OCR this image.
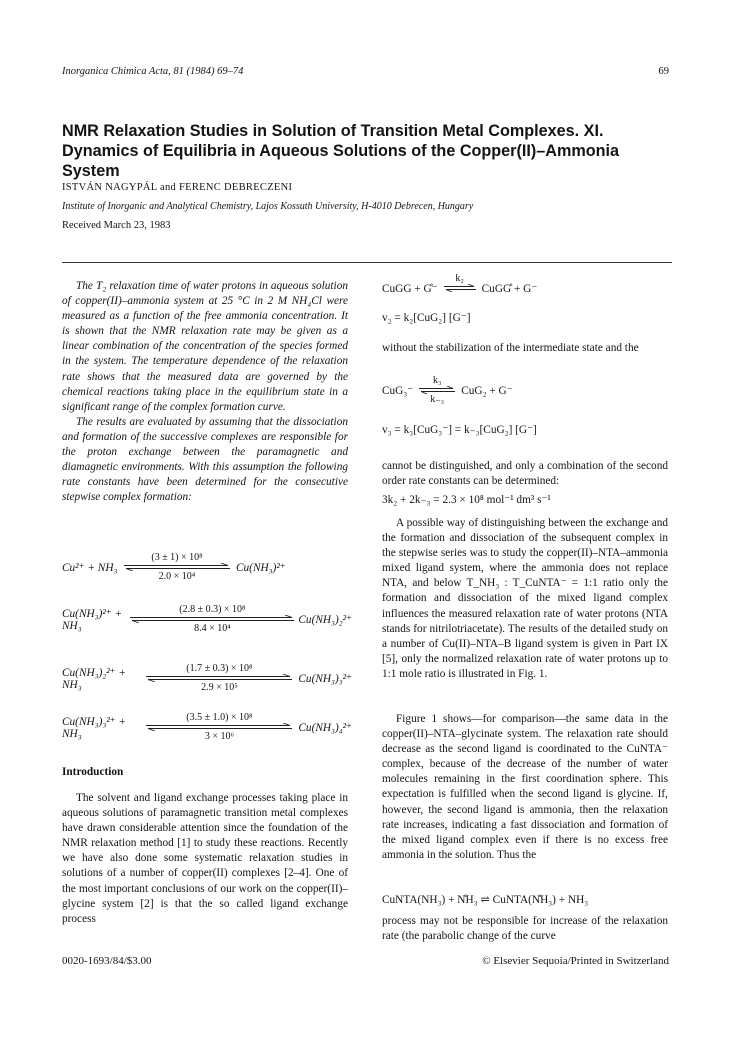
Inorganica Chimica Acta, 81 (1984) 69–74	69
NMR Relaxation Studies in Solution of Transition Metal Complexes. XI. Dynamics of Equilibria in Aqueous Solutions of the Copper(II)–Ammonia System
ISTVÁN NAGYPÁL and FERENC DEBRECZENI
Institute of Inorganic and Analytical Chemistry, Lajos Kossuth University, H-4010 Debrecen, Hungary
Received March 23, 1983

The T₂ relaxation time of water protons in aqueous solution of copper(II)–ammonia system at 25 °C in 2 M NH₄Cl were measured as a function of the free ammonia concentration. It is shown that the NMR relaxation rate may be given as a linear combination of the concentration of the species formed in the system. The temperature dependence of the relaxation rate shows that the measured data are governed by the chemical reactions taking place in the equilibrium state in a significant range of the complex formation curve.

The results are evaluated by assuming that the dissociation and formation of the successive complexes are responsible for the proton exchange between the paramagnetic and diamagnetic environments. With this assumption the following rate constants have been determined for the consecutive stepwise complex formation:

Cu²⁺ + NH₃
(3 ± 1) × 10⁸
2.0 × 10⁴
Cu(NH₃)²⁺
Cu(NH₃)²⁺ + NH₃
(2.8 ± 0.3) × 10⁸
8.4 × 10⁴
Cu(NH₃)₂²⁺
Cu(NH₃)₂²⁺ + NH₃
(1.7 ± 0.3) × 10⁸
2.9 × 10⁵
Cu(NH₃)₃²⁺
Cu(NH₃)₃²⁺ + NH₃
(3.5 ± 1.0) × 10⁸
3 × 10⁶
Cu(NH₃)₄²⁺
Introduction
The solvent and ligand exchange processes taking place in aqueous solutions of paramagnetic transition metal complexes have drawn considerable attention since the foundation of the NMR relaxation method [1] to study these reactions. Recently we have also done some systematic relaxation studies in solutions of a number of copper(II) complexes [2–4]. One of the most important conclusions of our work on the copper(II)–glycine system [2] is that the so called ligand exchange process
CuGG + G̊⁻
k₂

CuGG̊ + G⁻
v₂ = k₂[CuG₂] [G⁻]
without the stabilization of the intermediate state and the
CuG₃⁻
k₃
k₋₃
CuG₂ + G⁻
v₃ = k₃[CuG₃⁻] = k₋₃[CuG₂] [G⁻]
cannot be distinguished, and only a combination of the second order rate constants can be determined:
3k₂ + 2k₋₃ = 2.3 × 10⁸ mol⁻¹ dm³ s⁻¹
A possible way of distinguishing between the exchange and the formation and dissociation of the subsequent complex in the stepwise series was to study the copper(II)–NTA–ammonia mixed ligand system, where the ammonia does not replace NTA, and below T_NH₃ : T_CuNTA⁻ = 1:1 ratio only the formation and dissociation of the mixed ligand complex influences the measured relaxation rate of water protons (NTA stands for nitrilotriacetate). The results of the detailed study on a number of Cu(II)–NTA–B ligand system is given in Part IX [5], only the normalized relaxation rate of water protons up to 1:1 mole ratio is illustrated in Fig. 1.
Figure 1 shows—for comparison—the same data in the copper(II)–NTA–glycinate system. The relaxation rate should decrease as the second ligand is coordinated to the CuNTA⁻ complex, because of the decrease of the number of water molecules remaining in the first coordination sphere. This expectation is fulfilled when the second ligand is glycine. If, however, the second ligand is ammonia, then the relaxation rate increases, indicating a fast dissociation and formation of the mixed ligand complex even if there is no excess free ammonia in the solution. Thus the
CuNTA(NH₃) + N̊H₃ ⇌ CuNTA(N̊H₃) + NH₃
process may not be responsible for increase of the relaxation rate (the parabolic change of the curve
0020-1693/84/$3.00	© Elsevier Sequoia/Printed in Switzerland
